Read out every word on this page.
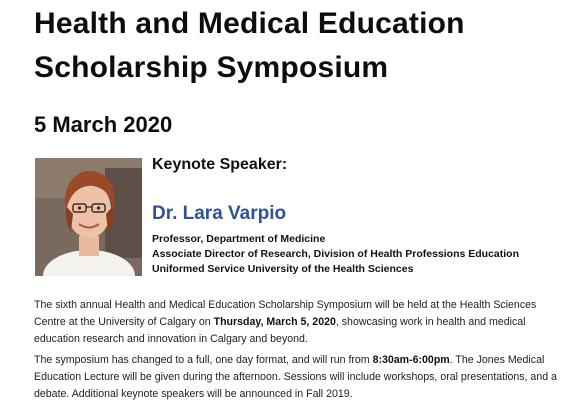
Health and Medical Education
Scholarship Symposium
5 March 2020
Keynote Speaker:
Dr. Lara Varpio
Professor, Department of Medicine
Associate Director of Research, Division of Health Professions Education
Uniformed Service University of the Health Sciences
The sixth annual Health and Medical Education Scholarship Symposium will be held at the Health Sciences Centre at the University of Calgary on Thursday, March 5, 2020, showcasing work in health and medical education research and innovation in Calgary and beyond.
The symposium has changed to a full, one day format, and will run from 8:30am-6:00pm. The Jones Medical Education Lecture will be given during the afternoon. Sessions will include workshops, oral presentations, and a debate. Additional keynote speakers will be announced in Fall 2019.
